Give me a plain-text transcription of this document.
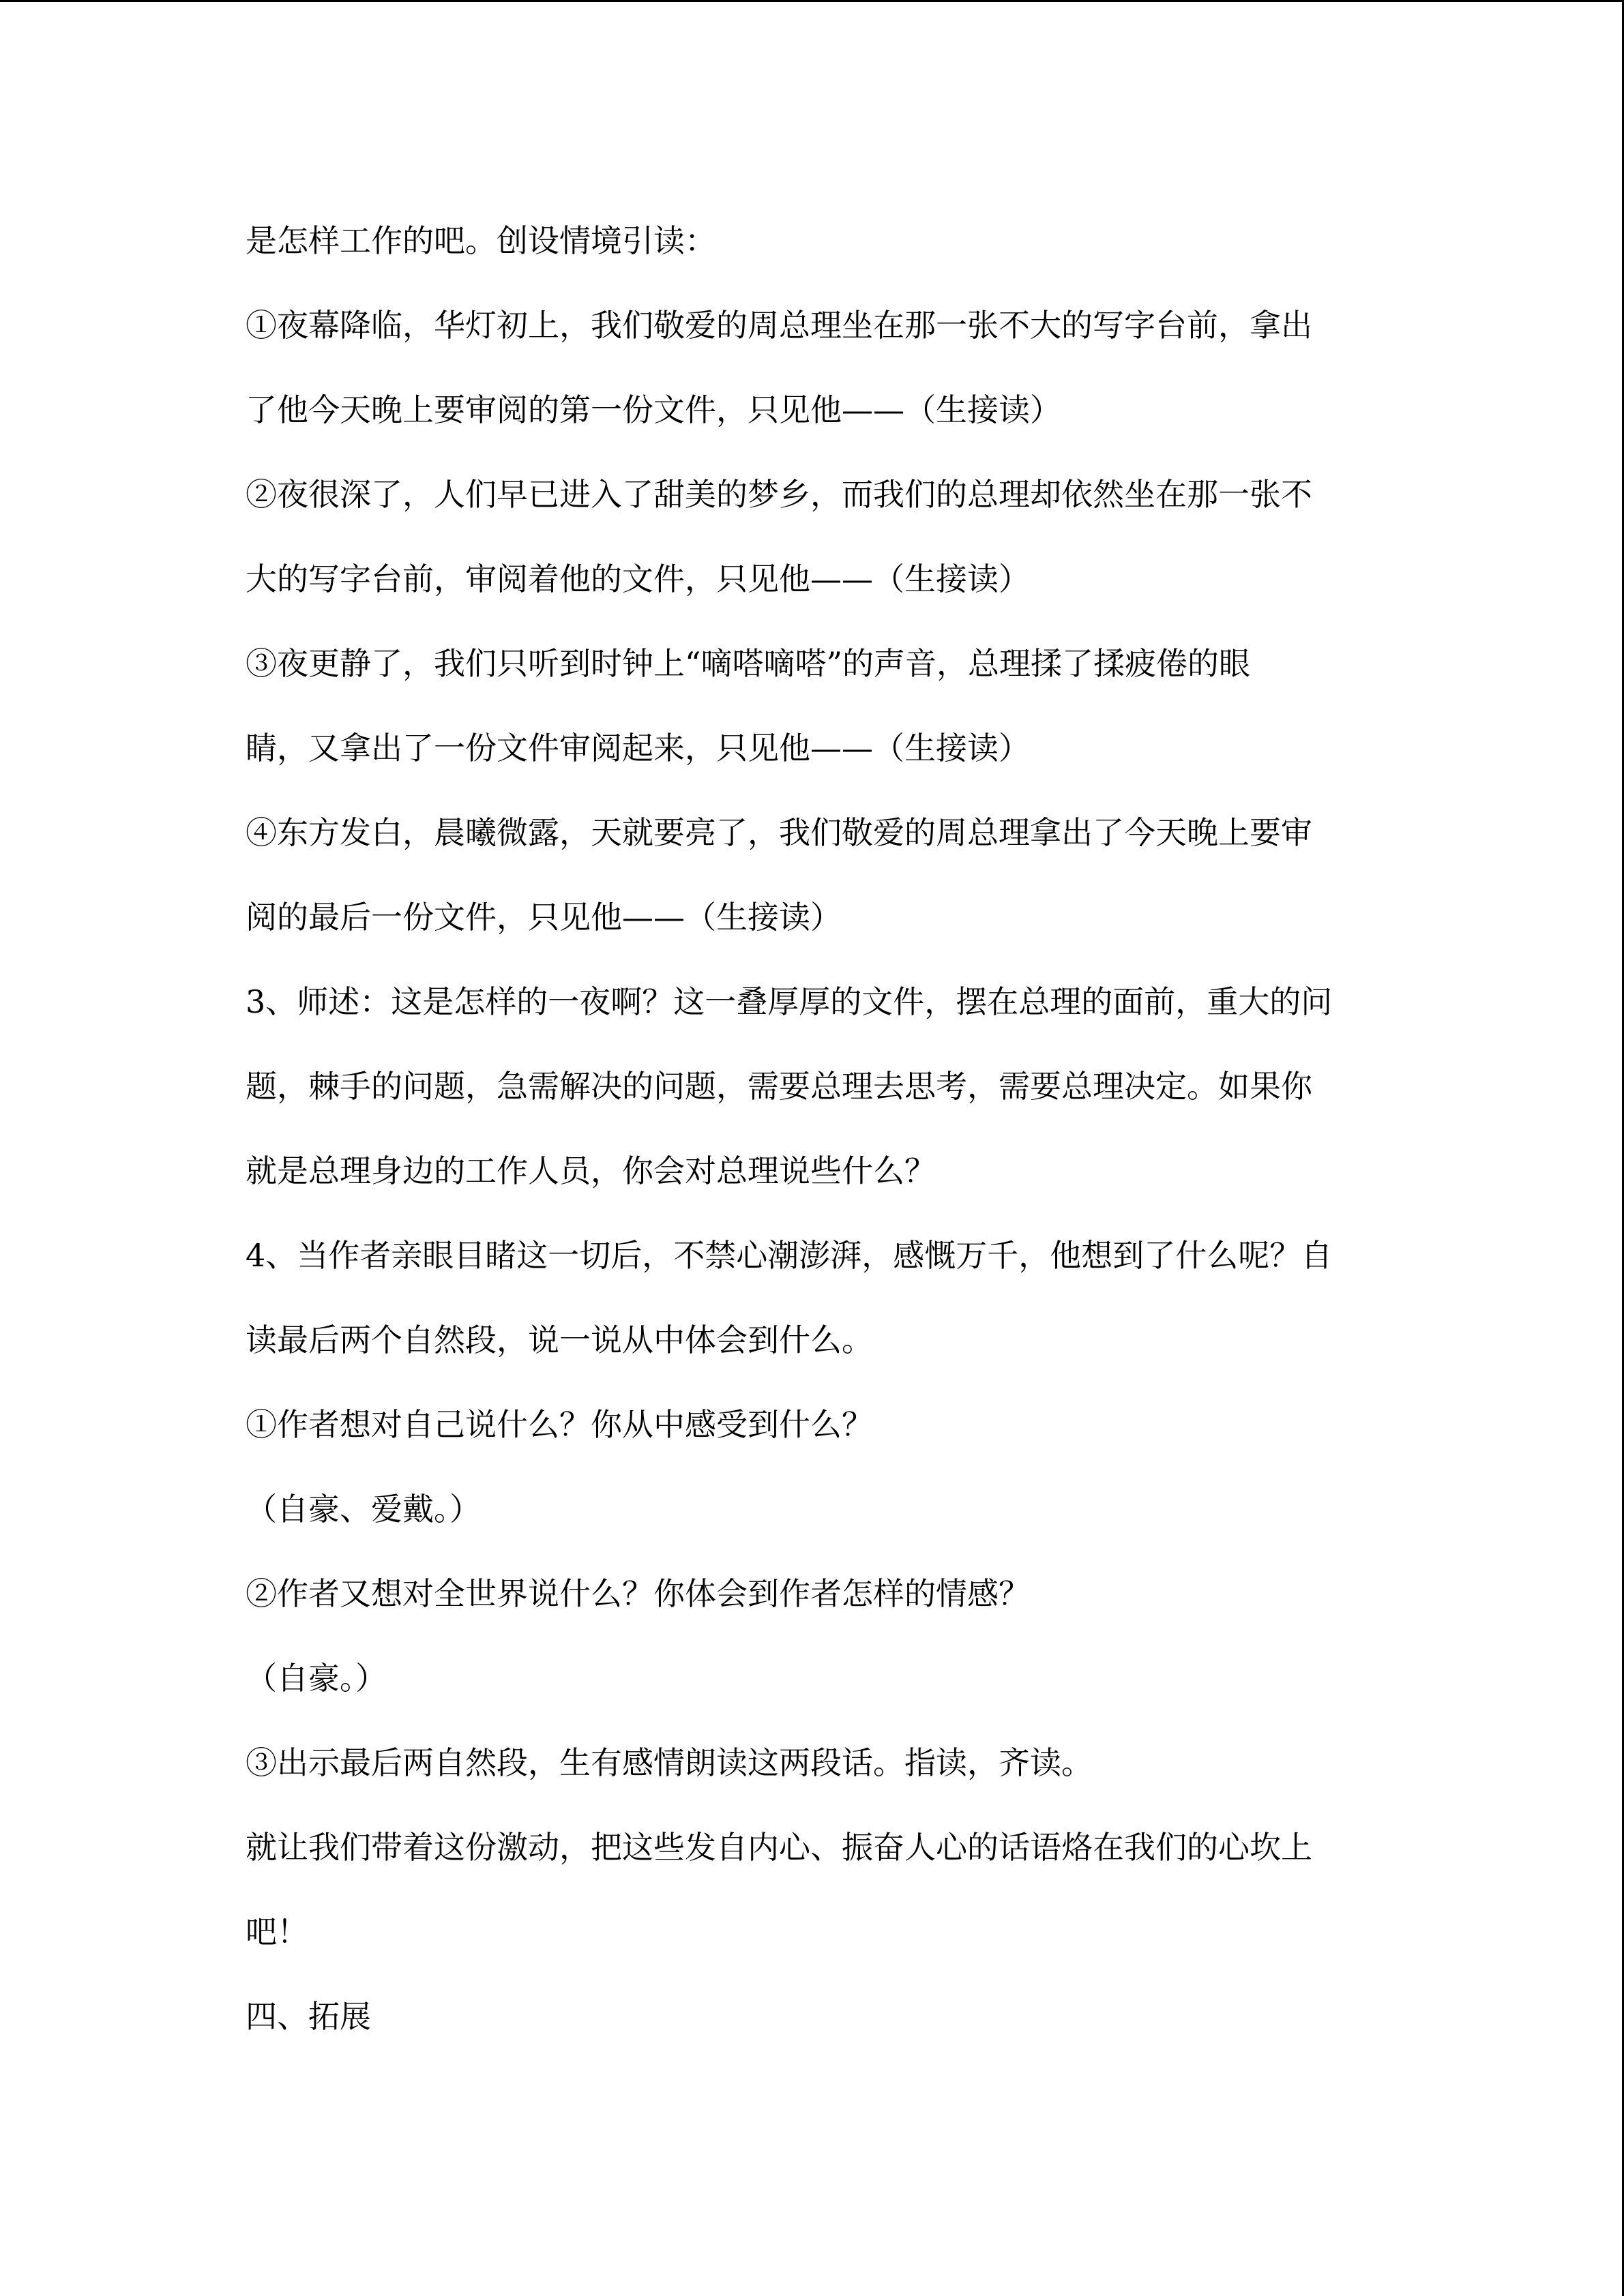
是怎样工作的吧。创设情境引读：
①夜幕降临，华灯初上，我们敬爱的周总理坐在那一张不大的写字台前，拿出
了他今天晚上要审阅的第一份文件，只见他——（生接读）
②夜很深了，人们早已进入了甜美的梦乡，而我们的总理却依然坐在那一张不
大的写字台前，审阅着他的文件，只见他——（生接读）
③夜更静了，我们只听到时钟上“嘀嗒嘀嗒”的声音，总理揉了揉疲倦的眼
睛，又拿出了一份文件审阅起来，只见他——（生接读）
④东方发白，晨曦微露，天就要亮了，我们敬爱的周总理拿出了今天晚上要审
阅的最后一份文件，只见他——（生接读）
3、师述：这是怎样的一夜啊？这一叠厚厚的文件，摆在总理的面前，重大的问
题，棘手的问题，急需解决的问题，需要总理去思考，需要总理决定。如果你
就是总理身边的工作人员，你会对总理说些什么？
4、当作者亲眼目睹这一切后，不禁心潮澎湃，感慨万千，他想到了什么呢？自
读最后两个自然段，说一说从中体会到什么。
①作者想对自己说什么？你从中感受到什么？
（自豪、爱戴。）
②作者又想对全世界说什么？你体会到作者怎样的情感？
（自豪。）
③出示最后两自然段，生有感情朗读这两段话。指读，齐读。
就让我们带着这份激动，把这些发自内心、振奋人心的话语烙在我们的心坎上
吧！
四、拓展
